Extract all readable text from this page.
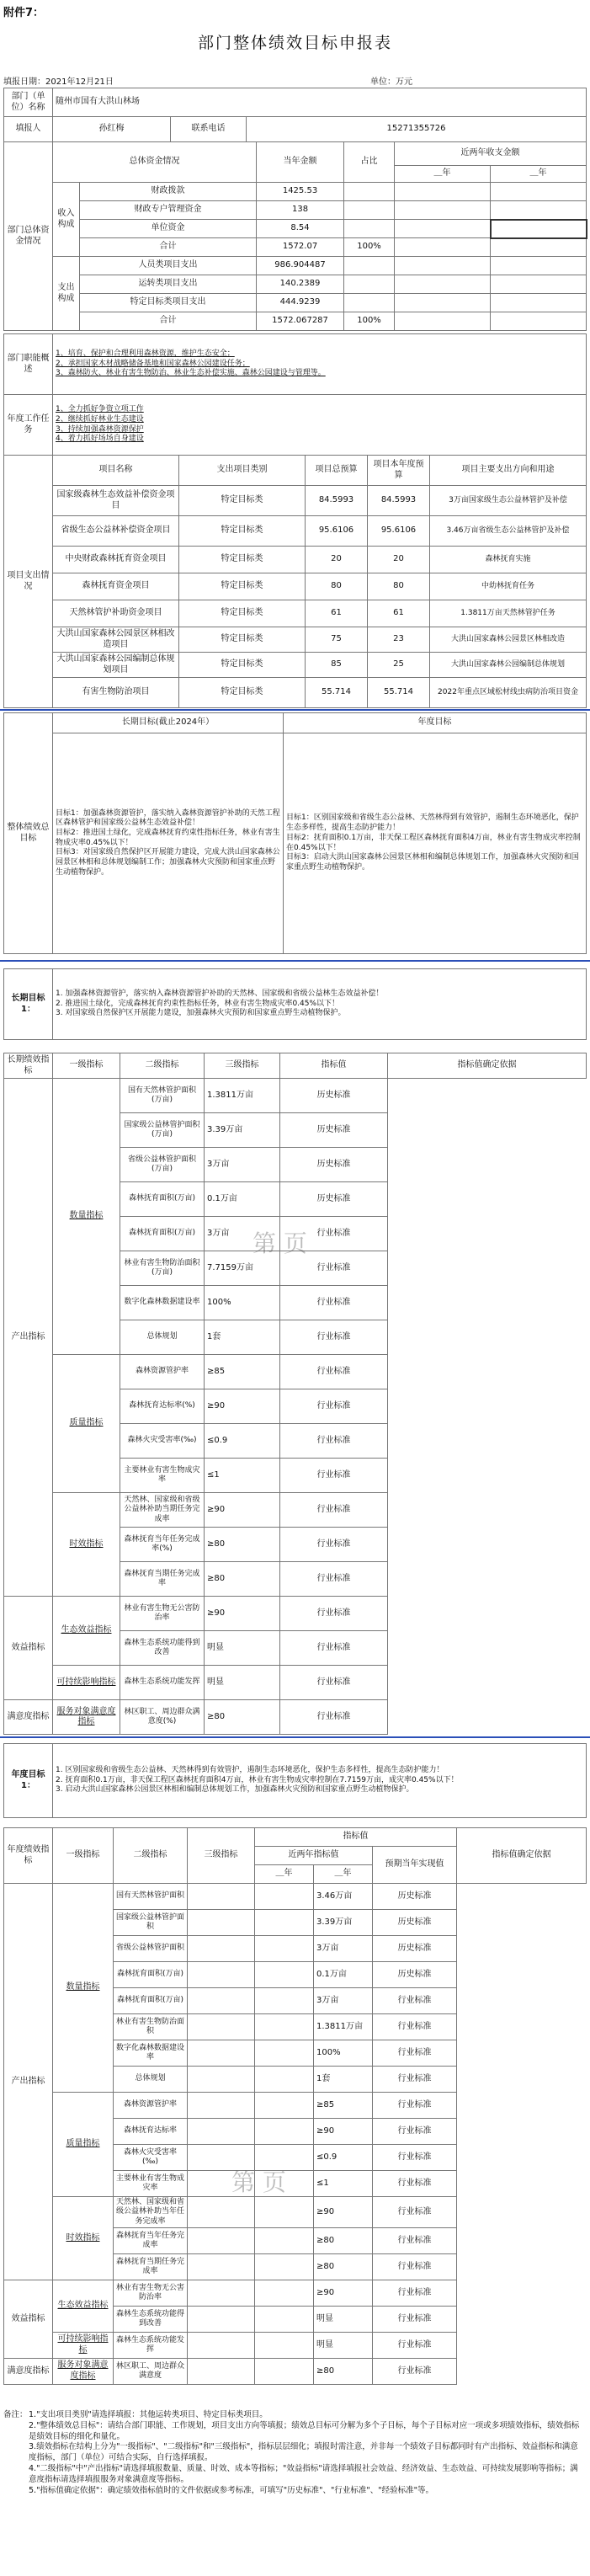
附件7：
部门整体绩效目标申报表
填报日期：2021年12月21日	单位：万元
部门（单位）名称	随州市国有大洪山林场		
填报人	孙红梅	联系电话	15271355726
部门总体资金情况	总体资金情况		当年金额	占比	近两年收支金额	
					＿年	＿年
	收入构成	财政拨款	1425.53			
		财政专户管理资金	138			
		单位资金	8.54			
		合计	1572.07	100%		
	支出构成	人员类项目支出	986.904487			
		运转类项目支出	140.2389			
		特定目标类项目支出	444.9239			
		合计	1572.067287	100%		
部门职能概述	1、培育、保护和合理利用森林资源，维护生态安全；
2、承担国家木材战略储备基地和国家森林公园建设任务；
3、森林防火、林业有害生物防治、林业生态补偿实施、森林公园建设与管理等。

年度工作任务	1、全力抓好争资立项工作
2、继续抓好林业生态建设
3、持续加强森林资源保护
4、着力抓好场场自身建设
项目支出情况	项目名称	支出项目类别	项目总预算	项目本年度预算	项目主要支出方向和用途
	国家级森林生态效益补偿资金项目	特定目标类	84.5993	84.5993	3万亩国家级生态公益林管护及补偿
	省级生态公益林补偿资金项目	特定目标类	95.6106	95.6106	3.46万亩省级生态公益林管护及补偿
	中央财政森林抚育资金项目	特定目标类	20	20	森林抚育实施
	森林抚育资金项目	特定目标类	80	80	中幼林抚育任务
	天然林管护补助资金项目	特定目标类	61	61	1.3811万亩天然林管护任务
	大洪山国家森林公园景区林相改造项目	特定目标类	75	23	大洪山国家森林公园景区林相改造
	大洪山国家森林公园编制总体规划项目	特定目标类	85	25	大洪山国家森林公园编制总体规划
	有害生物防治项目	特定目标类	55.714	55.714	2022年重点区域松材线虫病防治项目资金
整体绩效总目标	长期目标(截止2024年）	年度目标
	目标1：加强森林资源管护，落实纳入森林资源管护补助的天然工程区森林管护和国家级公益林生态效益补偿！
目标2：推进国土绿化，完成森林抚育约束性指标任务，林业有害生物成灾率0.45%以下！
目标3：对国家级自然保护区开展能力建设，完成大洪山国家森林公园景区林相和总体规划编制工作；加强森林火灾预防和国家重点野生动植物保护。	目标1：区别国家级和省级生态公益林、天然林得到有效管护，遏制生态环境恶化，保护生态多样性，提高生态防护能力！
目标2：抚育面积0.1万亩，非天保工程区森林抚育面积4万亩，林业有害生物成灾率控制在0.45%以下！
目标3：启动大洪山国家森林公园景区林相和编制总体规划工作，加强森林火灾预防和国家重点野生动植物保护。
长期目标1：	
1. 加强森林资源管护，落实纳入森林资源管护补助的天然林、国家级和省级公益林生态效益补偿！
2. 推进国土绿化，完成森林抚育约束性指标任务，林业有害生物成灾率0.45%以下！
3. 对国家级自然保护区开展能力建设，加强森林火灾预防和国家重点野生动植物保护。
长期绩效指标	一级指标	二级指标	三级指标	指标值	指标值确定依据
产出指标	数量指标	国有天然林管护面积(万亩)	1.3811万亩	历史标准	
		国家级公益林管护面积(万亩)	3.39万亩	历史标准	
		省级公益林管护面积(万亩)	3万亩	历史标准	
		森林抚育面积(万亩)	0.1万亩	历史标准	
		森林抚育面积(万亩)	3万亩	行业标准	
		林业有害生物防治面积(万亩)	7.7159万亩	行业标准	
		数字化森林数据建设率	100%	行业标准	
		总体规划	1套	行业标准	
	质量指标	森林资源管护率	≥85	行业标准	
		森林抚育达标率(%)	≥90	行业标准	
		森林火灾受害率(‰)	≤0.9	行业标准	
		主要林业有害生物成灾率	≤1	行业标准	
	时效指标	天然林、国家级和省级公益林补助当期任务完成率	≥90	行业标准	
		森林抚育当年任务完成率(%)	≥80	行业标准	
		森林抚育当期任务完成率	≥80	行业标准	
效益指标	生态效益指标	林业有害生物无公害防治率	≥90	行业标准	
		森林生态系统功能得到改善	明显	行业标准	
	可持续影响指标	森林生态系统功能发挥	明显	行业标准	
满意度指标	服务对象满意度指标	林区职工、周边群众满意度(%)	≥80	行业标准	
年度目标1：	
1. 区别国家级和省级生态公益林、天然林得到有效管护，遏制生态环境恶化，保护生态多样性，提高生态防护能力！
2. 抚育面积0.1万亩，非天保工程区森林抚育面积4万亩，林业有害生物成灾率控制在7.7159万亩，成灾率0.45%以下！
3. 启动大洪山国家森林公园景区林相和编制总体规划工作，加强森林火灾预防和国家重点野生动植物保护。
年度绩效指标	一级指标	二级指标	三级指标	指标值			指标值确定依据
				近两年指标值		预期当年实现值	
				＿年	＿年		
产出指标	数量指标	国有天然林管护面积			3.46万亩	历史标准	
		国家级公益林管护面积			3.39万亩	历史标准	
		省级公益林管护面积			3万亩	历史标准	
		森林抚育面积(万亩)			0.1万亩	历史标准	
		森林抚育面积(万亩)			3万亩	行业标准	
		林业有害生物防治面积			1.3811万亩	行业标准	
		数字化森林数据建设率			100%	行业标准	
		总体规划			1套	行业标准	
	质量指标	森林资源管护率			≥85	行业标准	
		森林抚育达标率			≥90	行业标准	
		森林火灾受害率(‰)			≤0.9	行业标准	
		主要林业有害生物成灾率			≤1	行业标准	
	时效指标	天然林、国家级和省级公益林补助当年任务完成率			≥90	行业标准	
		森林抚育当年任务完成率			≥80	行业标准	
		森林抚育当期任务完成率			≥80	行业标准	
效益指标	生态效益指标	林业有害生物无公害防治率			≥90	行业标准	
		森林生态系统功能得到改善			明显	行业标准	
	可持续影响指标	森林生态系统功能发挥			明显	行业标准	
满意度指标	服务对象满意度指标	林区职工、周边群众满意度			≥80	行业标准	
备注： 1."支出项目类别"请选择填报：其他运转类项目、特定目标类项目。
2."整体绩效总目标"：请结合部门职能、工作规划，项目支出方向等填报；绩效总目标可分解为多个子目标，每个子目标对应一项或多项绩效指标，绩效指标是绩效目标的细化和量化。
3.绩效指标在结构上分为"一级指标"、"二级指标"和"三级指标"，指标层层细化；填报时需注意，并非每一个绩效子目标都同时有产出指标、效益指标和满意度指标，部门（单位）可结合实际，自行选择填报。
4."二级指标"中"产出指标"请选择填报数量、质量、时效、成本等指标；"效益指标"请选择填报社会效益、经济效益、生态效益、可持续发展影响等指标；满意度指标请选择填报服务对象满意度等指标。
5."指标值确定依据"：确定绩效指标值时的文件依据或参考标准，可填写"历史标准"、"行业标准"、"经验标准"等。
第 页
第 页
